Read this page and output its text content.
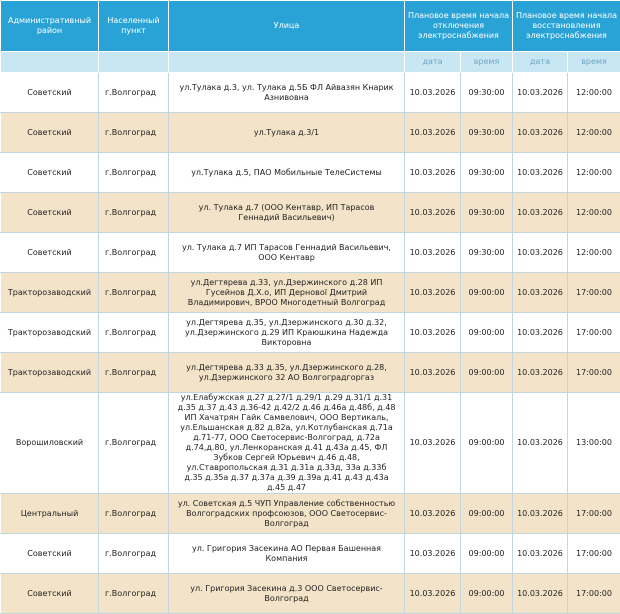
Административный район	Населенный пункт	Улица	Плановое время начала отключения электроснабжения		Плановое время начала восстановления электроснабжения	
			дата	время	дата	время
Советский	г.Волгоград	ул.Тулака д.3, ул. Тулака д.5Б ФЛ Айвазян Кнарик Азнивовна	10.03.2026	09:30:00	10.03.2026	12:00:00
Советский	г.Волгоград	ул.Тулака д.3/1	10.03.2026	09:30:00	10.03.2026	12:00:00
Советский	г.Волгоград	ул.Тулака д.5, ПАО Мобильные ТелеСистемы	10.03.2026	09:30:00	10.03.2026	12:00:00
Советский	г.Волгоград	ул. Тулака д.7 (ООО Кентавр, ИП Тарасов Геннадий Васильевич)	10.03.2026	09:30:00	10.03.2026	12:00:00
Советский	г.Волгоград	ул. Тулака д.7 ИП Тарасов Геннадий Васильевич, ООО Кентавр	10.03.2026	09:30:00	10.03.2026	12:00:00
Тракторозаводский	г.Волгоград	ул.Дегтярева д.33, ул.Дзержинского д.28 ИП Гусейнов Д.Х.о, ИП Дернової Дмитрий Владимирович, ВРОО Многодетный Волгоград	10.03.2026	09:00:00	10.03.2026	17:00:00
Тракторозаводский	г.Волгоград	ул.Дегтярева д.35, ул.Дзержинского д.30 д.32, ул.Дзержинского д.29 ИП Краюшкина Надежда Викторовна	10.03.2026	09:00:00	10.03.2026	17:00:00
Тракторозаводский	г.Волгоград	ул.Дегтярева д.33 д.35, ул.Дзержинского д.28, ул.Дзержинского 32 АО Волгоградгоргаз	10.03.2026	09:00:00	10.03.2026	17:00:00
Ворошиловский	г.Волгоград	ул.Елабужская д.27 д.27/1 д.29/1 д.29 д.31/1 д.31 д.35 д.37 д.43 д.36-42 д.42/2 д.46 д.46а д.48б, д.48 ИП Хачатрян Гайк Самвелович, ООО Вертикаль, ул.Ельшанская д.82 д.82а, ул.Котлубанская д.71а д.71-77, ООО Светосервис-Волгоград, д.72а д.74,д.80, ул.Ленкоранская д.41 д.43а д.45, ФЛ Зубков Сергей Юрьевич д.46 д.48, ул.Ставропольская д.31 д.31а д.33д, 33а д.33б д.35 д.35а д.37 д.37а д.39 д.39а д.41 д.43 д.43а д.45 д.47	10.03.2026	09:00:00	10.03.2026	13:00:00
Центральный	г.Волгоград	ул. Советская д.5 ЧУП Управление собственностью Волгоградских профсоюзов, ООО Светосервис-Волгоград	10.03.2026	09:00:00	10.03.2026	17:00:00
Советский	г.Волгоград	ул. Григория Засекина АО Первая Башенная Компания	10.03.2026	09:00:00	10.03.2026	17:00:00
Советский	г.Волгоград	ул. Григория Засекина д.3 ООО Светосервис-Волгоград	10.03.2026	09:00:00	10.03.2026	17:00:00
